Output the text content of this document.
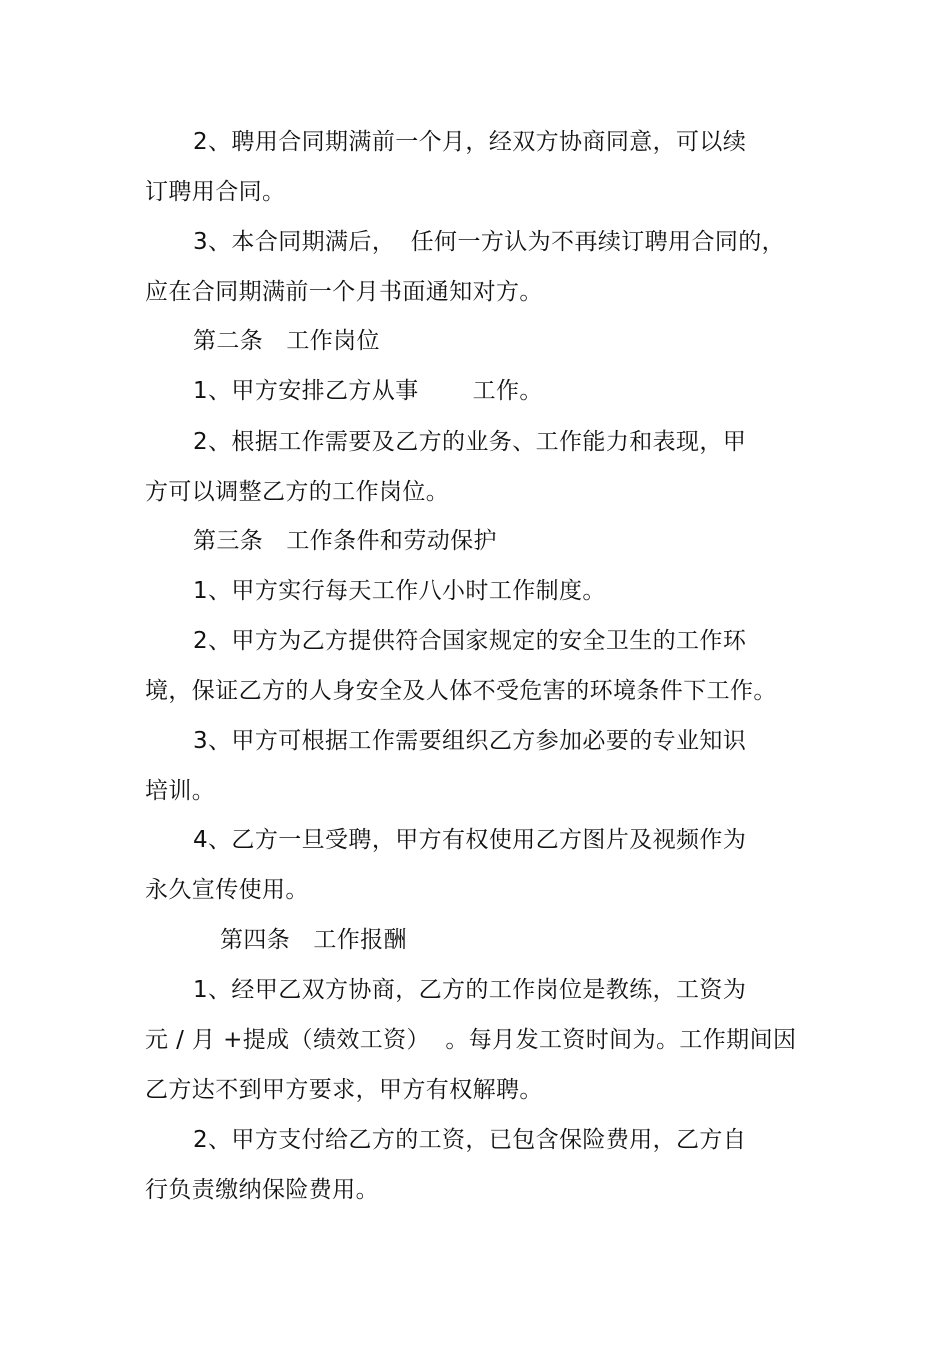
2、聘用合同期满前一个月，经双方协商同意，可以续
订聘用合同。
3、本合同期满后，  任何一方认为不再续订聘用合同的，
应在合同期满前一个月书面通知对方。
第二条   工作岗位
1、甲方安排乙方从事       工作。
2、根据工作需要及乙方的业务、工作能力和表现，甲
方可以调整乙方的工作岗位。
第三条   工作条件和劳动保护
1、甲方实行每天工作八小时工作制度。
2、甲方为乙方提供符合国家规定的安全卫生的工作环
境，保证乙方的人身安全及人体不受危害的环境条件下工作。
3、甲方可根据工作需要组织乙方参加必要的专业知识
培训。
4、乙方一旦受聘，甲方有权使用乙方图片及视频作为
永久宣传使用。
第四条   工作报酬
1、经甲乙双方协商，乙方的工作岗位是教练，工资为
元 / 月 +提成（绩效工资）  。每月发工资时间为。工作期间因
乙方达不到甲方要求，甲方有权解聘。
2、甲方支付给乙方的工资，已包含保险费用，乙方自
行负责缴纳保险费用。
